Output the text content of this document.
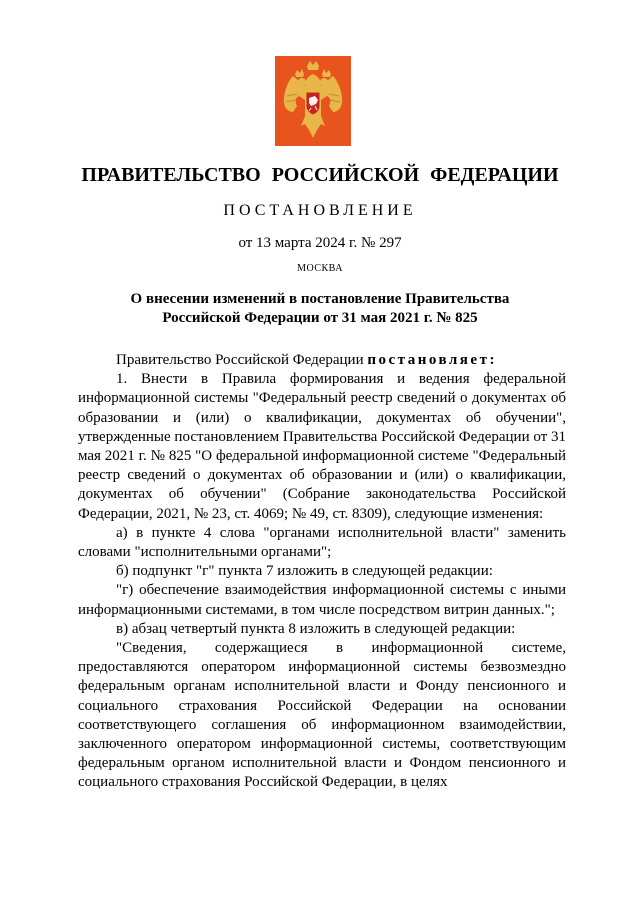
ПРАВИТЕЛЬСТВО РОССИЙСКОЙ ФЕДЕРАЦИИ
ПОСТАНОВЛЕНИЕ
от 13 марта 2024 г. № 297
МОСКВА
О внесении изменений в постановление Правительства
Российской Федерации от 31 мая 2021 г. № 825

Правительство Российской Федерации постановляет:

1. Внести в Правила формирования и ведения федеральной информационной системы "Федеральный реестр сведений о документах об образовании и (или) о квалификации, документах об обучении", утвержденные постановлением Правительства Российской Федерации от 31 мая 2021 г. № 825 "О федеральной информационной системе "Федеральный реестр сведений о документах об образовании и (или) о квалификации, документах об обучении" (Собрание законодательства Российской Федерации, 2021, № 23, ст. 4069; № 49, ст. 8309), следующие изменения:

а) в пункте 4 слова "органами исполнительной власти" заменить словами "исполнительными органами";

б) подпункт "г" пункта 7 изложить в следующей редакции:

"г) обеспечение взаимодействия информационной системы с иными информационными системами, в том числе посредством витрин данных.";

в) абзац четвертый пункта 8 изложить в следующей редакции:

"Сведения, содержащиеся в информационной системе, предоставляются оператором информационной системы безвозмездно федеральным органам исполнительной власти и Фонду пенсионного и социального страхования Российской Федерации на основании соответствующего соглашения об информационном взаимодействии, заключенного оператором информационной системы, соответствующим федеральным органом исполнительной власти и Фондом пенсионного и социального страхования Российской Федерации, в целях
